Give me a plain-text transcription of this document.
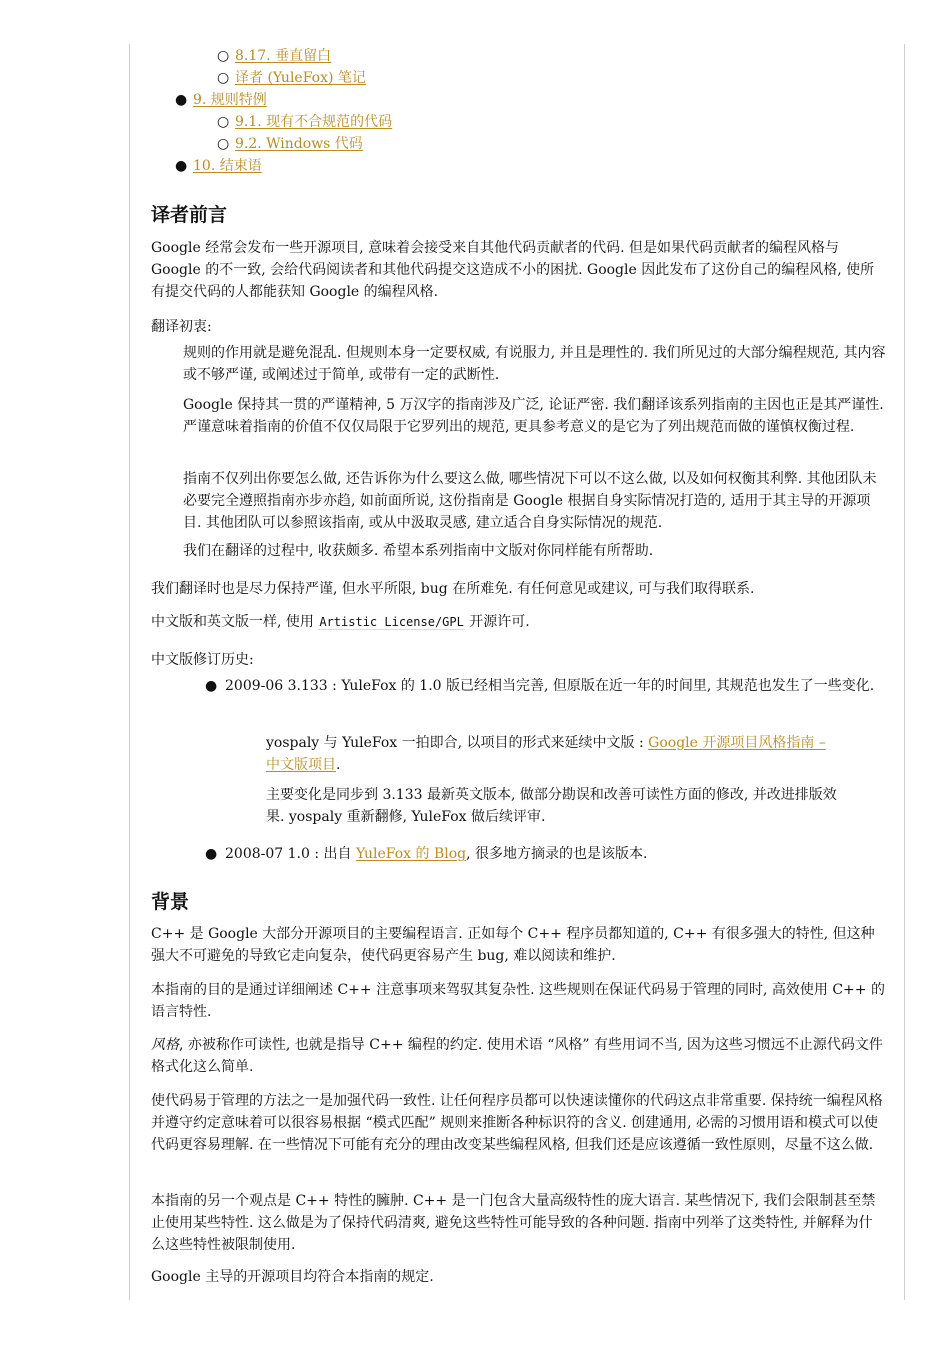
○ 8.17. 垂直留白
○ 译者 (YuleFox) 笔记
● 9. 规则特例
○ 9.1. 现有不合规范的代码
○ 9.2. Windows 代码
● 10. 结束语
译者前言

Google 经常会发布一些开源项目, 意味着会接受来自其他代码贡献者的代码. 但是如果代码贡献者的编程风格与 Google 的不一致, 会给代码阅读者和其他代码提交这造成不小的困扰. Google 因此发布了这份自己的编程风格, 使所有提交代码的人都能获知 Google 的编程风格.

翻译初衷:

规则的作用就是避免混乱. 但规则本身一定要权威, 有说服力, 并且是理性的. 我们所见过的大部分编程规范, 其内容或不够严谨, 或阐述过于简单, 或带有一定的武断性.

Google 保持其一贯的严谨精神, 5 万汉字的指南涉及广泛, 论证严密. 我们翻译该系列指南的主因也正是其严谨性. 严谨意味着指南的价值不仅仅局限于它罗列出的规范, 更具参考意义的是它为了列出规范而做的谨慎权衡过程.

指南不仅列出你要怎么做, 还告诉你为什么要这么做, 哪些情况下可以不这么做, 以及如何权衡其利弊. 其他团队未必要完全遵照指南亦步亦趋, 如前面所说, 这份指南是 Google 根据自身实际情况打造的, 适用于其主导的开源项目. 其他团队可以参照该指南, 或从中汲取灵感, 建立适合自身实际情况的规范.

我们在翻译的过程中, 收获颇多. 希望本系列指南中文版对你同样能有所帮助.

我们翻译时也是尽力保持严谨, 但水平所限, bug 在所难免. 有任何意见或建议, 可与我们取得联系.

中文版和英文版一样, 使用 Artistic License/GPL 开源许可.

中文版修订历史:

● 2009-06 3.133 : YuleFox 的 1.0 版已经相当完善, 但原版在近一年的时间里, 其规范也发生了一些变化.

yospaly 与 YuleFox 一拍即合, 以项目的形式来延续中文版 : Google 开源项目风格指南 – 中文版项目.

主要变化是同步到 3.133 最新英文版本, 做部分勘误和改善可读性方面的修改, 并改进排版效果. yospaly 重新翻修, YuleFox 做后续评审.

● 2008-07 1.0 : 出自 YuleFox 的 Blog, 很多地方摘录的也是该版本.
背景

C++ 是 Google 大部分开源项目的主要编程语言. 正如每个 C++ 程序员都知道的, C++ 有很多强大的特性, 但这种强大不可避免的导致它走向复杂，使代码更容易产生 bug, 难以阅读和维护.

本指南的目的是通过详细阐述 C++ 注意事项来驾驭其复杂性. 这些规则在保证代码易于管理的同时, 高效使用 C++ 的语言特性.

风格, 亦被称作可读性, 也就是指导 C++ 编程的约定. 使用术语 “风格” 有些用词不当, 因为这些习惯远不止源代码文件格式化这么简单.

使代码易于管理的方法之一是加强代码一致性. 让任何程序员都可以快速读懂你的代码这点非常重要. 保持统一编程风格并遵守约定意味着可以很容易根据 “模式匹配” 规则来推断各种标识符的含义. 创建通用, 必需的习惯用语和模式可以使代码更容易理解. 在一些情况下可能有充分的理由改变某些编程风格, 但我们还是应该遵循一致性原则，尽量不这么做.

本指南的另一个观点是 C++ 特性的臃肿. C++ 是一门包含大量高级特性的庞大语言. 某些情况下, 我们会限制甚至禁止使用某些特性. 这么做是为了保持代码清爽, 避免这些特性可能导致的各种问题. 指南中列举了这类特性, 并解释为什么这些特性被限制使用.

Google 主导的开源项目均符合本指南的规定.
